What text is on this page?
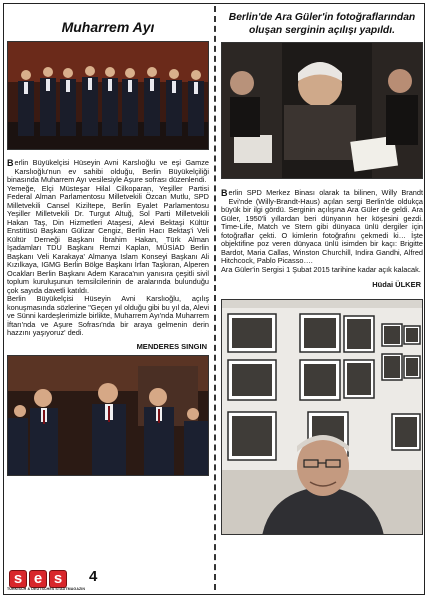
Muharrem Ayı

B erlin Büyükelçisi Hüseyin Avni Karslıoğlu ve eşi Gamze Karslıoğlu'nun ev sahibi olduğu, Berlin Büyükelçiliği binasında Muharrem Ayı vesilesiyle Aşure sofrası düzenlendi.

Yemeğe, Elçi Müsteşar Hilal Cilkoparan, Yeşiller Partisi Federal Alman Parlamentosu Milletvekili Özcan Mutlu, SPD Milletvekili Cansel Kiziltepe, Berlin Eyalet Parlamentosu Yeşiller Milletvekili Dr. Turgut Altuğ, Sol Parti Milletvekili Hakan Taş, Din Hizmetleri Ataşesi, Alevi Bektaşi Kültür Enstitüsü Başkanı Gülizar Cengiz, Berlin Hacı Bektaş'i Veli Kültür Derneği Başkanı İbrahim Hakan, Türk Alman İşadamları TDU Başkanı Remzi Kaplan, MÜSİAD Berlin Başkanı Veli Karakaya' Almanya Islam Konseyi Başkanı Ali Kızılkaya, IGMG Berlin Bölge Başkanı İrfan Taşkıran, Alperen Ocakları Berlin Başkanı Adem Karaca'nın yanısıra çeşitli sivil toplum kuruluşunun temsilcilerinin de aralarında bulunduğu çok sayıda davetli katıldı.

Berlin Büyükelçisi Hüseyin Avni Karslıoğlu, açılış konuşmasında sözlerine "Geçen yıl olduğu gibi bu yıl da, Alevi ve Sünni kardeşlerimizle birlikte, Muharrem Ayı'nda Muharrem İftarı'nda ve Aşure Sofrası'nda bir araya gelmenin derin hazzını yaşıyoruz' dedi.

MENDERES SINGIN
Berlin'de Ara Güler'in fotoğraflarından oluşan serginin açılışı yapıldı.

B erlin SPD Merkez Binası olarak ta bilinen, Willy Brandt Evi'nde (Willy-Brandt-Haus) açılan sergi Berlin'de oldukça büyük bir ilgi gördü. Serginin açılışına Ara Güler de geldi. Ara Güler, 1950'li yıllardan beri dünyanın her köşesini gezdi. Time-Life, Match ve Stern gibi dünyaca ünlü dergiler için fotoğraflar çekti. O kimlerin fotoğrafını çekmedi ki… İşte objektifine poz veren dünyaca ünlü isimden bir kaçı: Brigitte Bardot, Maria Callas, Winston Churchill, Indira Gandhi, Alfred Hitchcock, Pablo Picasso….

Ara Güler'in Sergisi 1 Şubat 2015 tarihine kadar açık kalacak.

Hüdai ÜLKER
s e s
TÜRKISCH & DEUTSCHES STADTMAGAZIN
4
